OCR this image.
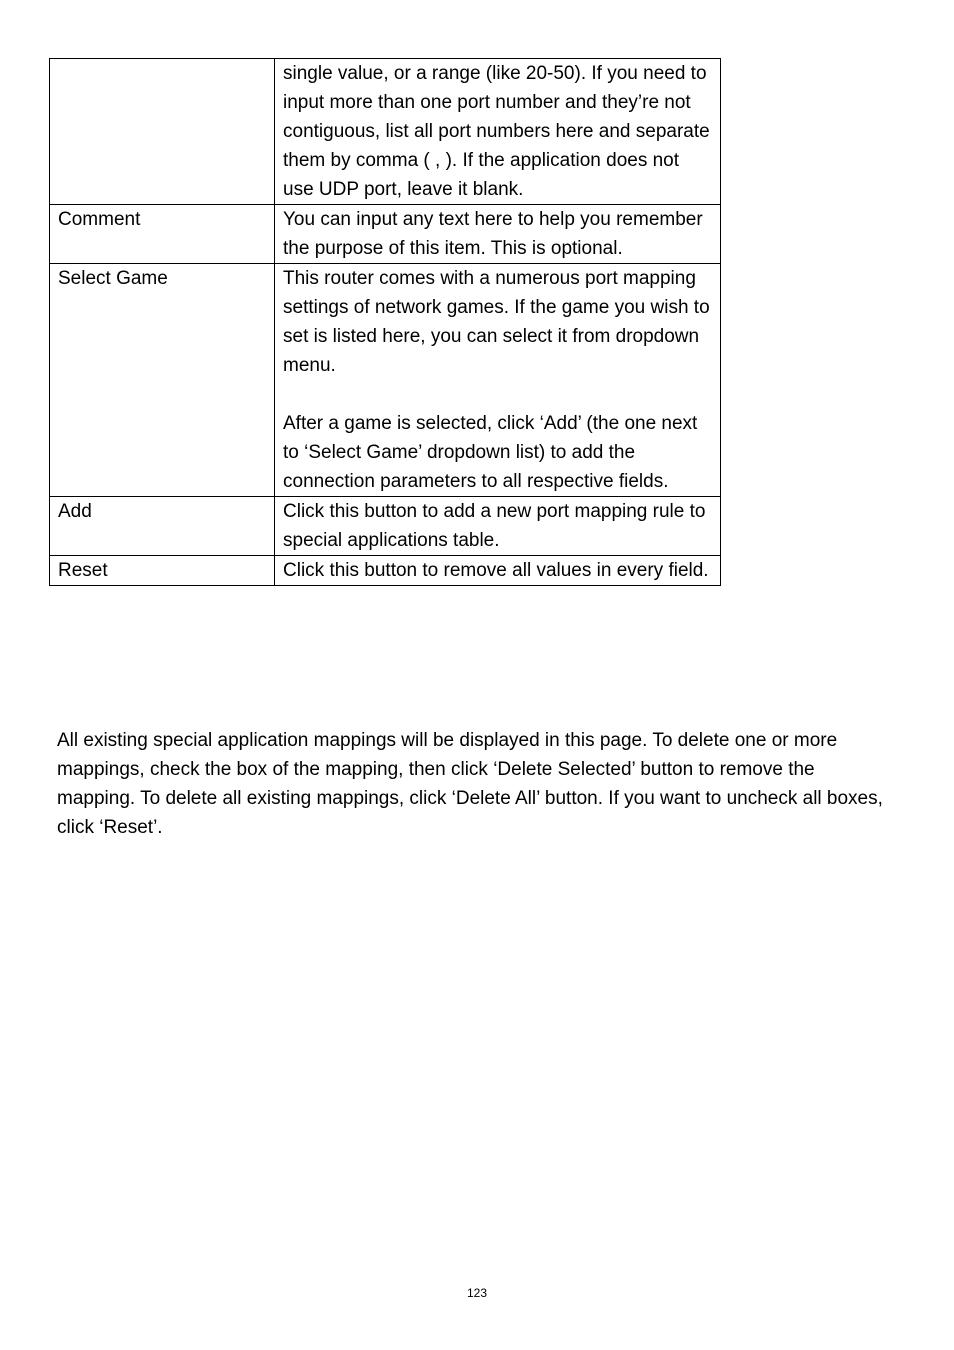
	single value, or a range (like 20-50). If you need to input more than one port number and they’re not contiguous, list all port numbers here and separate them by comma ( , ). If the application does not use UDP port, leave it blank.

Comment	You can input any text here to help you remember the purpose of this item. This is optional.

Select Game	This router comes with a numerous port mapping settings of network games. If the game you wish to set is listed here, you can select it from dropdown menu.

After a game is selected, click ‘Add’ (the one next to ‘Select Game’ dropdown list) to add the connection parameters to all respective fields.

Add	Click this button to add a new port mapping rule to special applications table.

Reset	Click this button to remove all values in every field.

All existing special application mappings will be displayed in this page. To delete one or more mappings, check the box of the mapping, then click ‘Delete Selected’ button to remove the mapping. To delete all existing mappings, click ‘Delete All’ button. If you want to uncheck all boxes, click ‘Reset’.

123
